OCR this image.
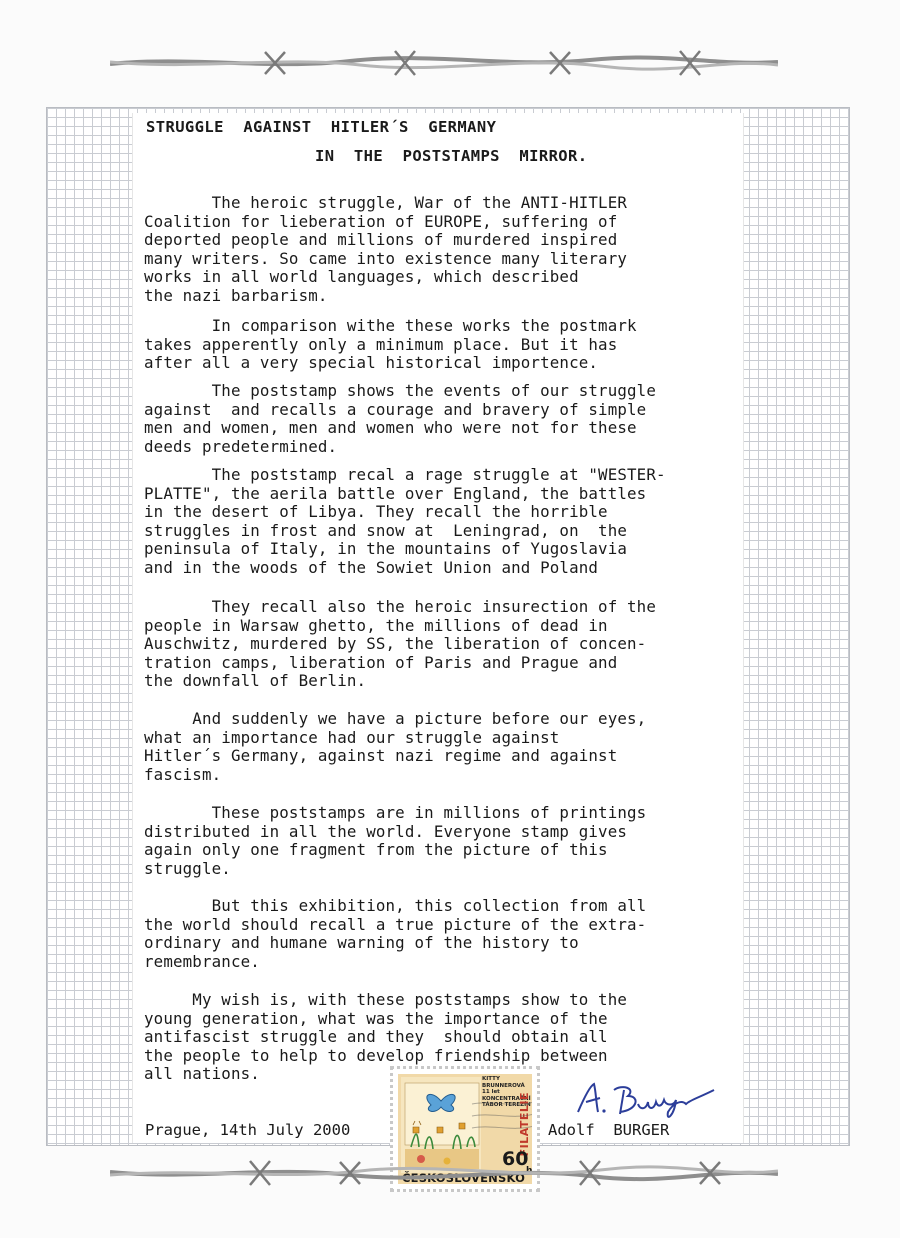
STRUGGLE  AGAINST  HITLER´S  GERMANY
IN  THE  POSTSTAMPS  MIRROR.

The heroic struggle, War of the ANTI-HITLER
Coalition for lieberation of EUROPE, suffering of
deported people and millions of murdered inspired
many writers. So came into existence many literary
works in all world languages, which described
the nazi barbarism.

In comparison withe these works the postmark
takes apperently only a minimum place. But it has
after all a very special historical importence.

The poststamp shows the events of our struggle
against  and recalls a courage and bravery of simple
men and women, men and women who were not for these
deeds predetermined.

The poststamp recal a rage struggle at "WESTER-
PLATTE", the aerila battle over England, the battles
in the desert of Libya. They recall the horrible
struggles in frost and snow at  Leningrad, on  the
peninsula of Italy, in the mountains of Yugoslavia
and in the woods of the Sowiet Union and Poland

They recall also the heroic insurection of the
people in Warsaw ghetto, the millions of dead in
Auschwitz, murdered by SS, the liberation of concen-
tration camps, liberation of Paris and Prague and
the downfall of Berlin.

And suddenly we have a picture before our eyes,
what an importance had our struggle against
Hitler´s Germany, against nazi regime and against
fascism.

These poststamps are in millions of printings
distributed in all the world. Everyone stamp gives
again only one fragment from the picture of this
struggle.

But this exhibition, this collection from all
the world should recall a true picture of the extra-
ordinary and humane warning of the history to
remembrance.

My wish is, with these poststamps show to the
young generation, what was the importance of the
antifascist struggle and they  should obtain all
the people to help to develop friendship between
all nations.

Prague, 14th July 2000	Adolf  BURGER

KITTY
BRUNNEROVÁ
11 let
KONCENTRAČNÍ
TÁBOR TEREZÍN
FILATELIE
60
h
ČESKOSLOVENSKO
